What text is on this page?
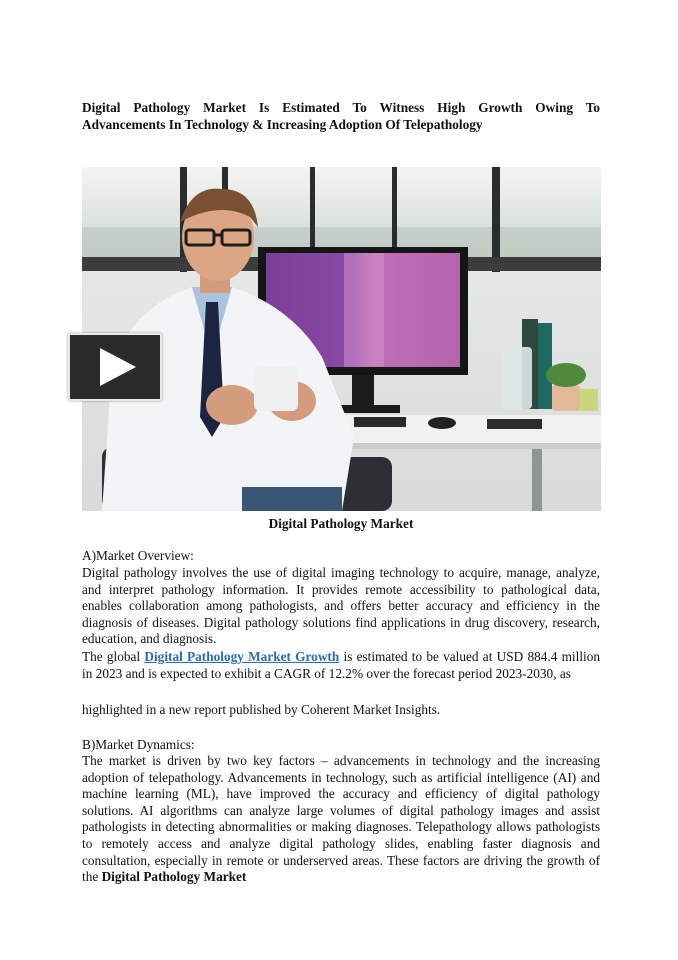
Digital Pathology Market Is Estimated To Witness High Growth Owing To
Advancements In Technology & Increasing Adoption Of Telepathology
Digital Pathology Market
A)Market Overview:

Digital pathology involves the use of digital imaging technology to acquire, manage, analyze, and interpret pathology information. It provides remote accessibility to pathological data, enables collaboration among pathologists, and offers better accuracy and efficiency in the diagnosis of diseases. Digital pathology solutions find applications in drug discovery, research, education, and diagnosis.

The global Digital Pathology Market Growth is estimated to be valued at USD 884.4 million in 2023 and is expected to exhibit a CAGR of 12.2% over the forecast period 2023-2030, as

highlighted in a new report published by Coherent Market Insights.

B)Market Dynamics:

The market is driven by two key factors – advancements in technology and the increasing adoption of telepathology. Advancements in technology, such as artificial intelligence (AI) and machine learning (ML), have improved the accuracy and efficiency of digital pathology solutions. AI algorithms can analyze large volumes of digital pathology images and assist pathologists in detecting abnormalities or making diagnoses. Telepathology allows pathologists to remotely access and analyze digital pathology slides, enabling faster diagnosis and consultation, especially in remote or underserved areas. These factors are driving the growth of the Digital Pathology Market
